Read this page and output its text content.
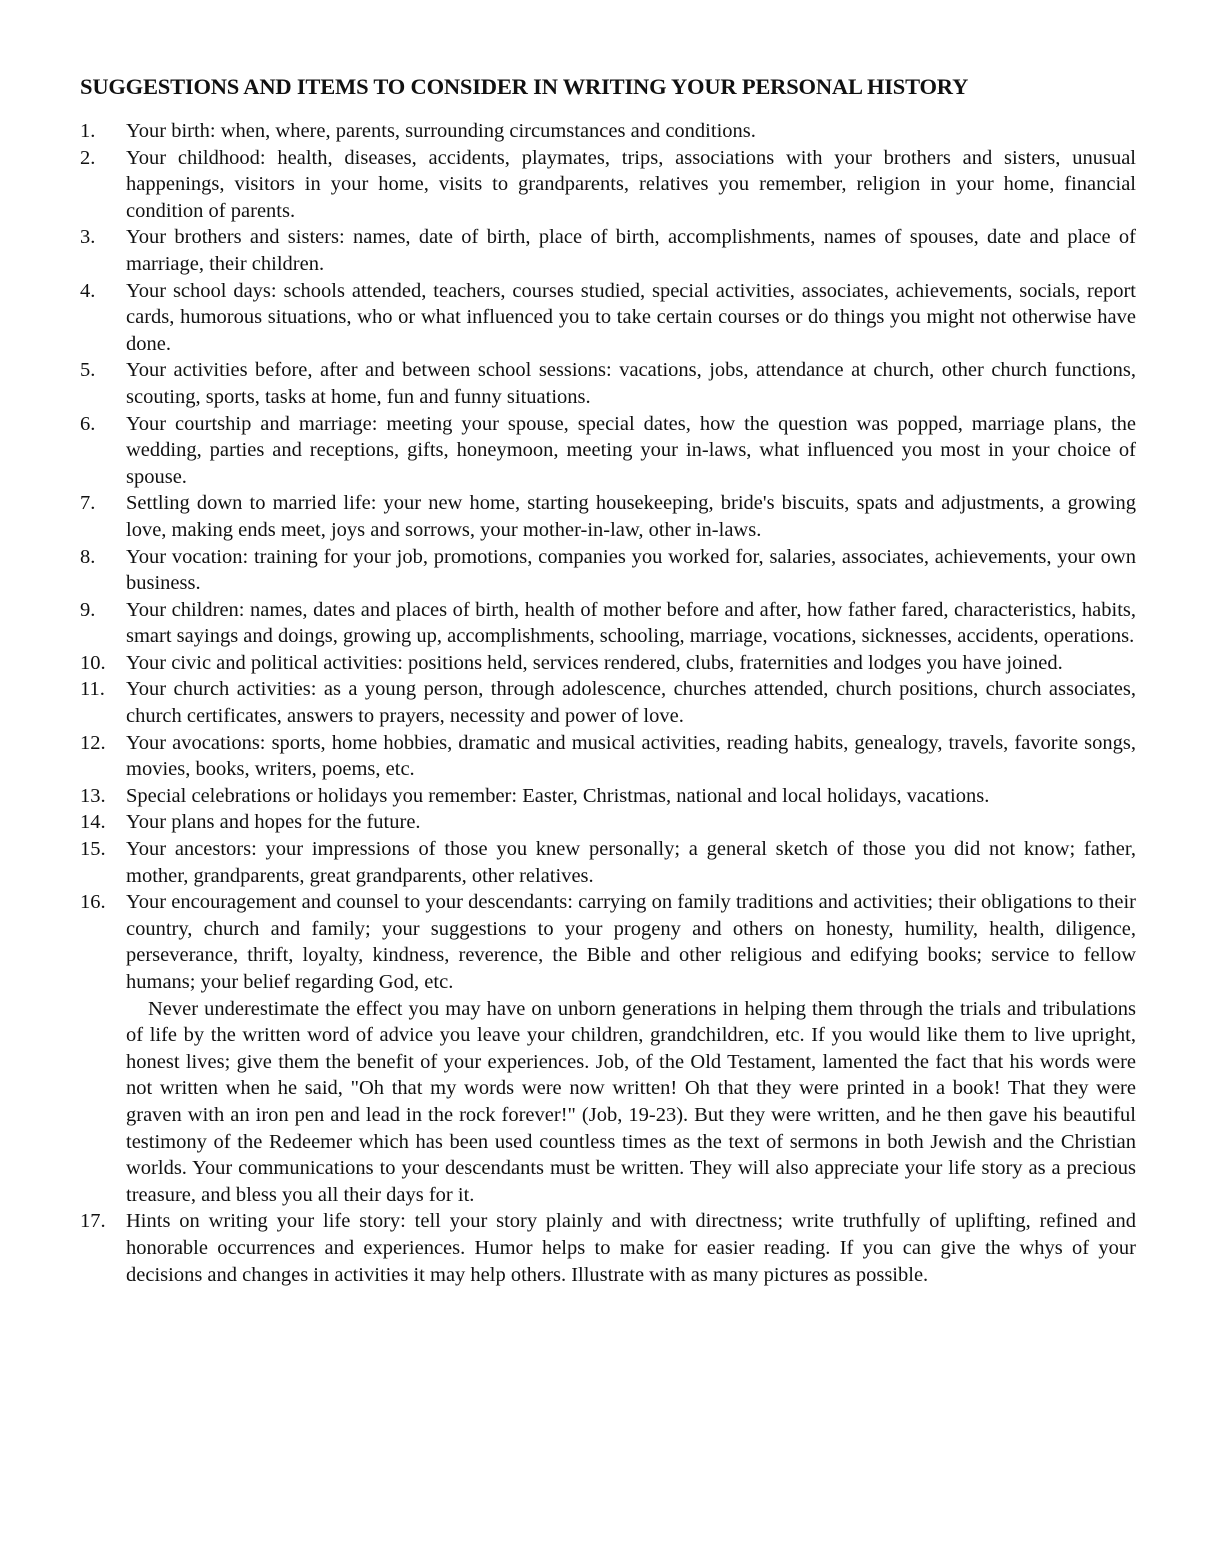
SUGGESTIONS AND ITEMS TO CONSIDER IN WRITING YOUR PERSONAL HISTORY
1.	Your birth: when, where, parents, surrounding circumstances and conditions.
2.	Your childhood: health, diseases, accidents, playmates, trips, associations with your brothers and sisters, unusual happenings, visitors in your home, visits to grandparents, relatives you remember, religion in your home, financial condition of parents.
3.	Your brothers and sisters: names, date of birth, place of birth, accomplishments, names of spouses, date and place of marriage, their children.
4.	Your school days: schools attended, teachers, courses studied, special activities, associates, achievements, socials, report cards, humorous situations, who or what influenced you to take certain courses or do things you might not otherwise have done.
5.	Your activities before, after and between school sessions: vacations, jobs, attendance at church, other church functions, scouting, sports, tasks at home, fun and funny situations.
6.	Your courtship and marriage: meeting your spouse, special dates, how the question was popped, marriage plans, the wedding, parties and receptions, gifts, honeymoon, meeting your in-laws, what influenced you most in your choice of spouse.
7.	Settling down to married life: your new home, starting housekeeping, bride's biscuits, spats and adjustments, a growing love, making ends meet, joys and sorrows, your mother-in-law, other in-laws.
8.	Your vocation: training for your job, promotions, companies you worked for, salaries, associates, achievements, your own business.
9.	Your children: names, dates and places of birth, health of mother before and after, how father fared, characteristics, habits, smart sayings and doings, growing up, accomplishments, schooling, marriage, vocations, sicknesses, accidents, operations.
10. Your civic and political activities: positions held, services rendered, clubs, fraternities and lodges you have joined.
11.	Your church activities: as a young person, through adolescence, churches attended, church positions, church associates, church certificates, answers to prayers, necessity and power of love.
12. Your avocations: sports, home hobbies, dramatic and musical activities, reading habits, genealogy, travels, favorite songs, movies, books, writers, poems, etc.
13. Special celebrations or holidays you remember: Easter, Christmas, national and local holidays, vacations.
14. Your plans and hopes for the future.
15. Your ancestors: your impressions of those you knew personally; a general sketch of those you did not know; father, mother, grandparents, great grandparents, other relatives.
16. Your encouragement and counsel to your descendants: carrying on family traditions and activities; their obligations to their country, church and family; your suggestions to your progeny and others on honesty, humility, health, diligence, perseverance, thrift, loyalty, kindness, reverence, the Bible and other religious and edifying books; service to fellow humans; your belief regarding God, etc.
Never underestimate the effect you may have on unborn generations in helping them through the trials and tribulations of life by the written word of advice you leave your children, grandchildren, etc. If you would like them to live upright, honest lives; give them the benefit of your experiences. Job, of the Old Testament, lamented the fact that his words were not written when he said, "Oh that my words were now written! Oh that they were printed in a book! That they were graven with an iron pen and lead in the rock forever!" (Job, 19-23). But they were written, and he then gave his beautiful testimony of the Redeemer which has been used countless times as the text of sermons in both Jewish and the Christian worlds. Your communications to your descendants must be written. They will also appreciate your life story as a precious treasure, and bless you all their days for it.
17. Hints on writing your life story: tell your story plainly and with directness; write truthfully of uplifting, refined and honorable occurrences and experiences. Humor helps to make for easier reading. If you can give the whys of your decisions and changes in activities it may help others. Illustrate with as many pictures as possible.
